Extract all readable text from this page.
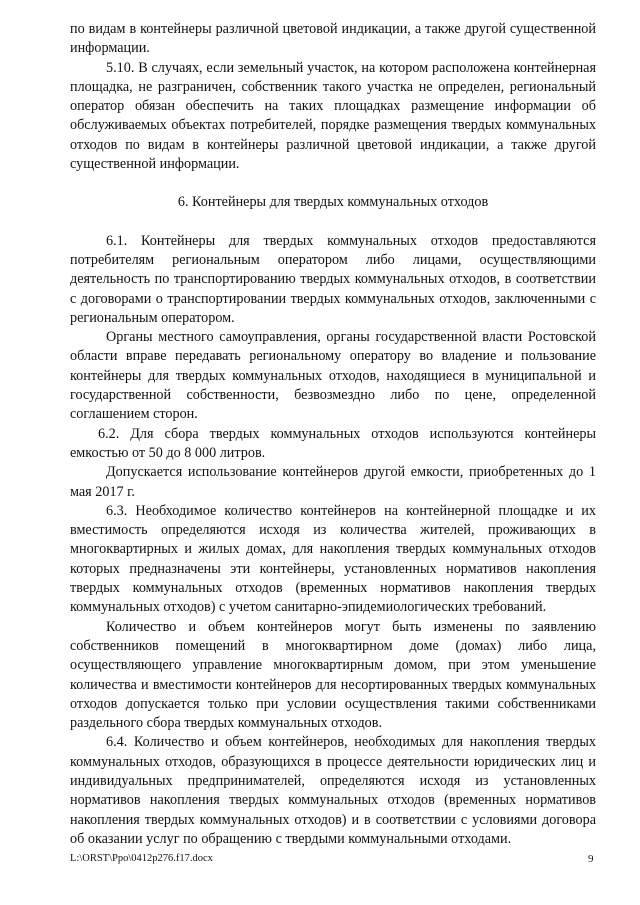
по видам в контейнеры различной цветовой индикации, а также другой существенной информации.

5.10. В случаях, если земельный участок, на котором расположена контейнерная площадка, не разграничен, собственник такого участка не определен, региональный оператор обязан обеспечить на таких площадках размещение информации об обслуживаемых объектах потребителей, порядке размещения твердых коммунальных отходов по видам в контейнеры различной цветовой индикации, а также другой существенной информации.

6. Контейнеры для твердых коммунальных отходов

6.1. Контейнеры для твердых коммунальных отходов предоставляются потребителям региональным оператором либо лицами, осуществляющими деятельность по транспортированию твердых коммунальных отходов, в соответствии с договорами о транспортировании твердых коммунальных отходов, заключенными с региональным оператором.

Органы местного самоуправления, органы государственной власти Ростовской области вправе передавать региональному оператору во владение и пользование контейнеры для твердых коммунальных отходов, находящиеся в муниципальной и государственной собственности, безвозмездно либо по цене, определенной соглашением сторон.

6.2. Для сбора твердых коммунальных отходов используются контейнеры емкостью от 50 до 8 000 литров.

Допускается использование контейнеров другой емкости, приобретенных до 1 мая 2017 г.

6.3. Необходимое количество контейнеров на контейнерной площадке и их вместимость определяются исходя из количества жителей, проживающих в многоквартирных и жилых домах, для накопления твердых коммунальных отходов которых предназначены эти контейнеры, установленных нормативов накопления твердых коммунальных отходов (временных нормативов накопления твердых коммунальных отходов) с учетом санитарно-эпидемиологических требований.

Количество и объем контейнеров могут быть изменены по заявлению собственников помещений в многоквартирном доме (домах) либо лица, осуществляющего управление многоквартирным домом, при этом уменьшение количества и вместимости контейнеров для несортированных твердых коммунальных отходов допускается только при условии осуществления такими собственниками раздельного сбора твердых коммунальных отходов.

6.4. Количество и объем контейнеров, необходимых для накопления твердых коммунальных отходов, образующихся в процессе деятельности юридических лиц и индивидуальных предпринимателей, определяются исходя из установленных нормативов накопления твердых коммунальных отходов (временных нормативов накопления твердых коммунальных отходов) и в соответствии с условиями договора об оказании услуг по обращению с твердыми коммунальными отходами.

L:\ORST\Ppo\0412p276.f17.docx	9
